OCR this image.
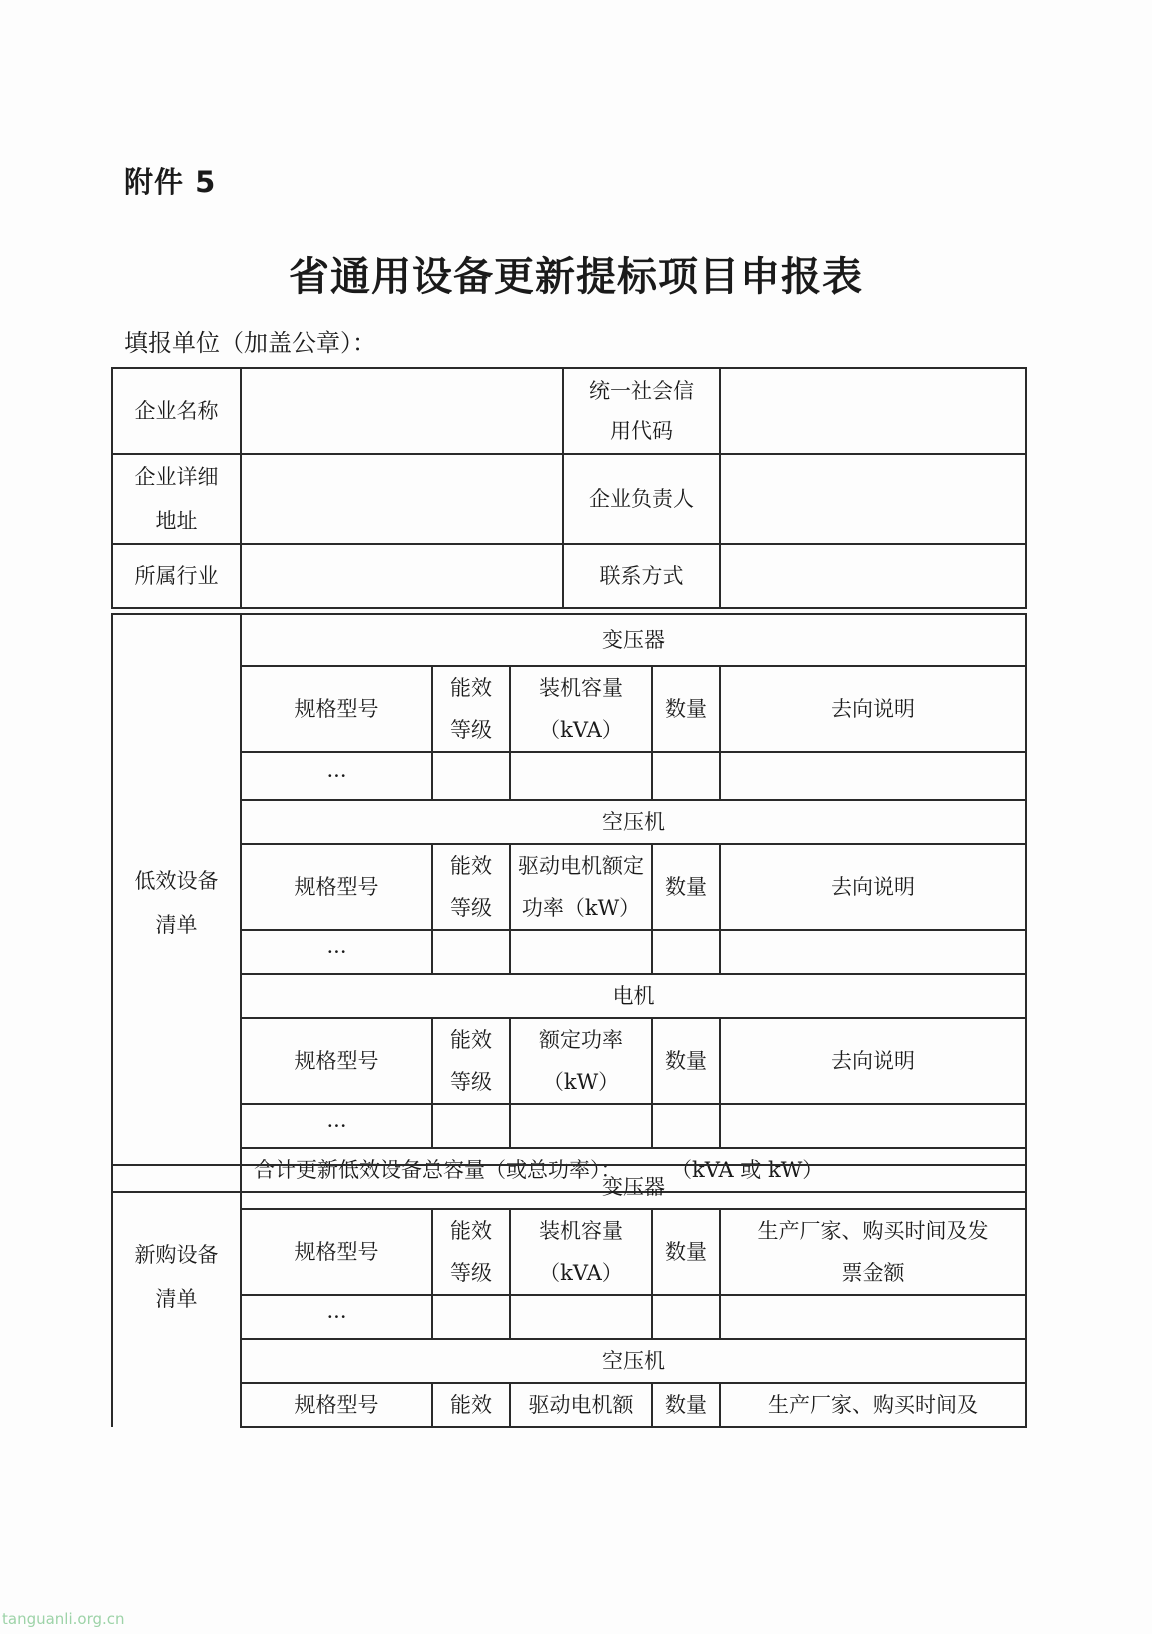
附件 5
省通用设备更新提标项目申报表
填报单位（加盖公章）：
企业名称		统一社会信用代码	

企业详细地址		企业负责人	
所属行业		联系方式	
低效设备清单	变压器				
	规格型号	能效等级	装机容量（kVA）	数量	去向说明
	···				
	空压机				
	规格型号	能效等级	驱动电机额定功率（kW）	数量	去向说明
	···				
	电机				
	规格型号	能效等级	额定功率（kW）	数量	去向说明
	···				
	合计更新低效设备总容量（或总功率）： （kVA 或 kW）				
新购设备清单	变压器				
	规格型号	能效等级	装机容量（kVA）	数量	生产厂家、购买时间及发票金额

	···				
	空压机				
	规格型号	能效	驱动电机额	数量	生产厂家、购买时间及
tanguanli.org.cn
